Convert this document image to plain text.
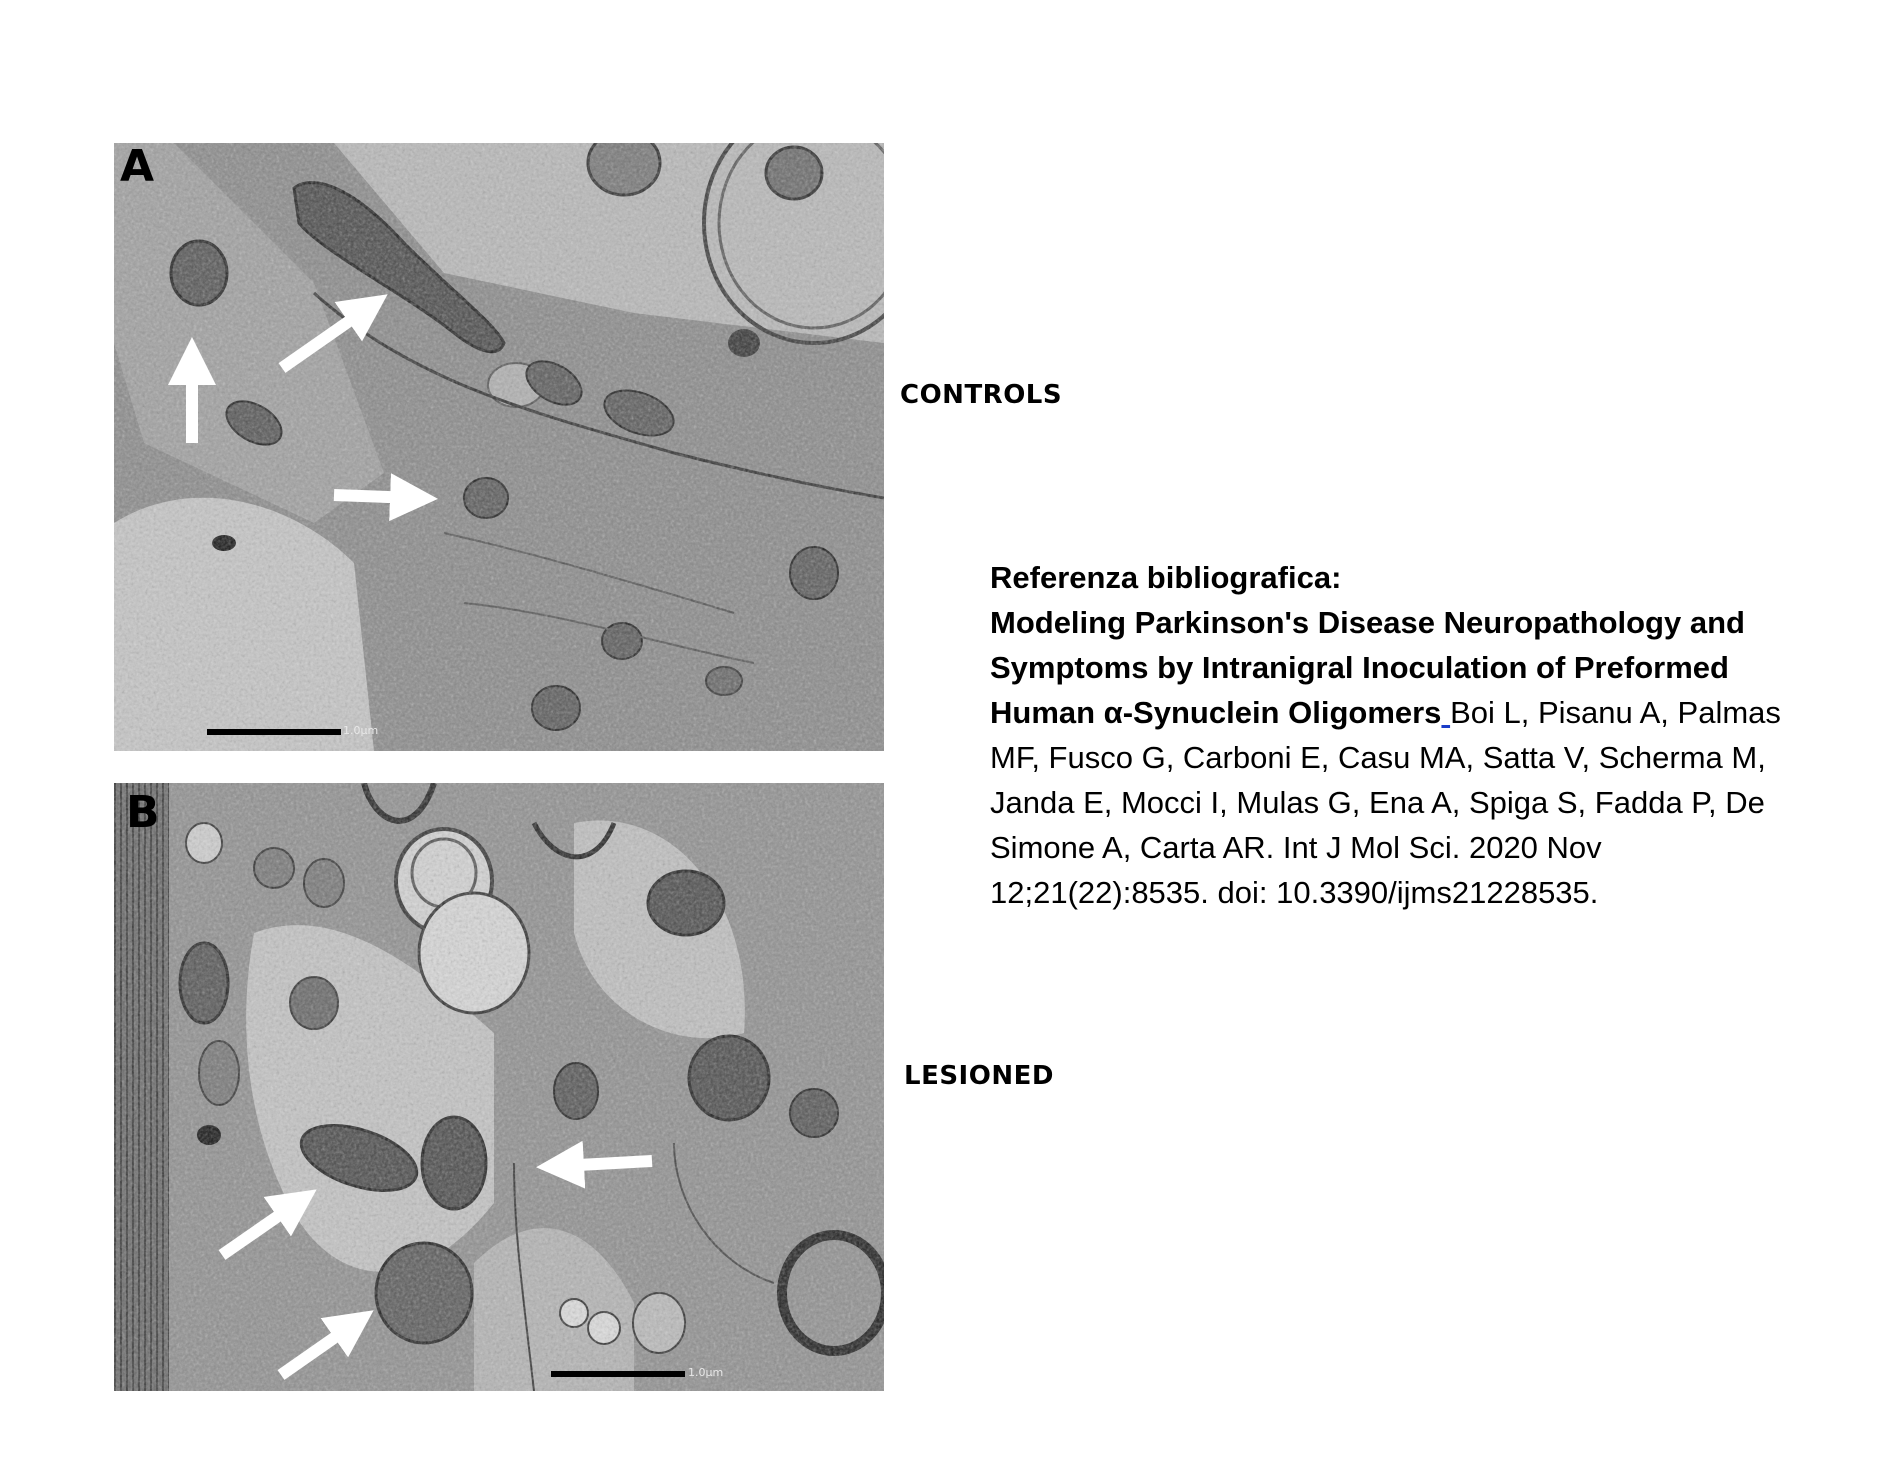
A
1.0µm
CONTROLS
B
1.0µm
LESIONED
Referenza bibliografica:
Modeling Parkinson's Disease Neuropathology and
Symptoms by Intranigral Inoculation of Preformed
Human α-Synuclein Oligomers Boi L, Pisanu A, Palmas MF, Fusco G, Carboni E, Casu MA, Satta V, Scherma M, Janda E, Mocci I, Mulas G, Ena A, Spiga S, Fadda P, De Simone A, Carta AR. Int J Mol Sci. 2020 Nov 12;21(22):8535. doi: 10.3390/ijms21228535.
